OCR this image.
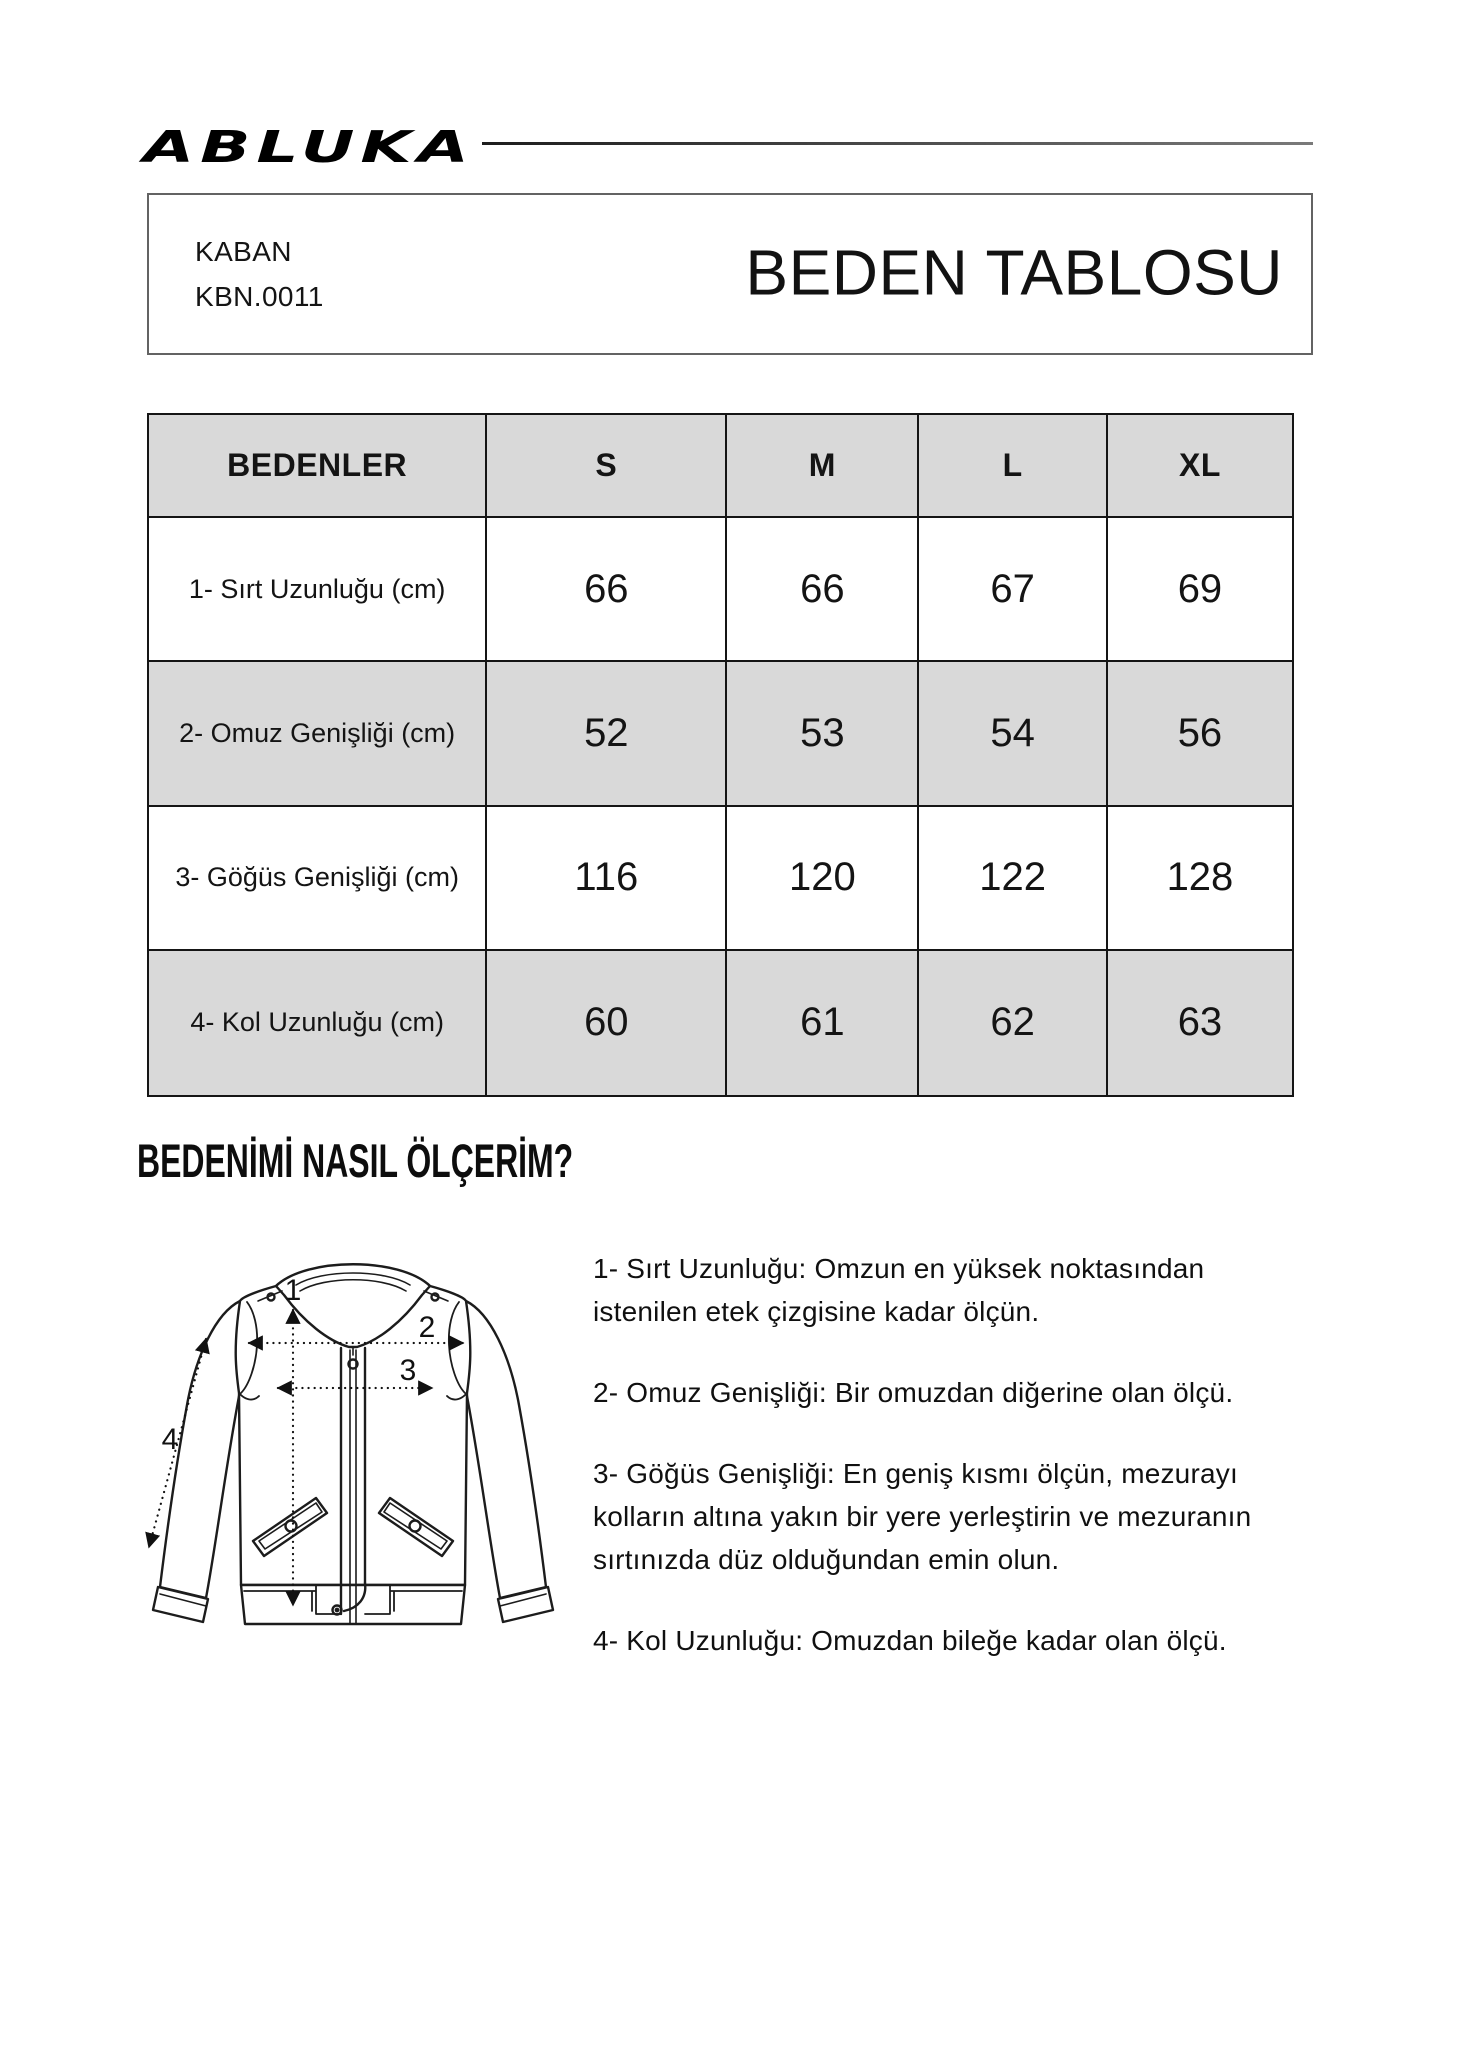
ABLUKA
KABAN
KBN.0011	BEDEN TABLOSU
BEDENLER	S	M	L	XL
1- Sırt Uzunluğu (cm)	66	66	67	69
2- Omuz Genişliği (cm)	52	53	54	56
3- Göğüs Genişliği (cm)	116	120	122	128
4- Kol Uzunluğu (cm)	60	61	62	63
BEDENİMİ NASIL ÖLÇERİM?
1
2
3
4

1- Sırt Uzunluğu: Omzun en yüksek noktasından istenilen etek çizgisine kadar ölçün.

2- Omuz Genişliği: Bir omuzdan diğerine olan ölçü.

3- Göğüs Genişliği: En geniş kısmı ölçün, mezurayı kolların altına yakın bir yere yerleştirin ve mezuranın sırtınızda düz olduğundan emin olun.

4- Kol Uzunluğu: Omuzdan bileğe kadar olan ölçü.
